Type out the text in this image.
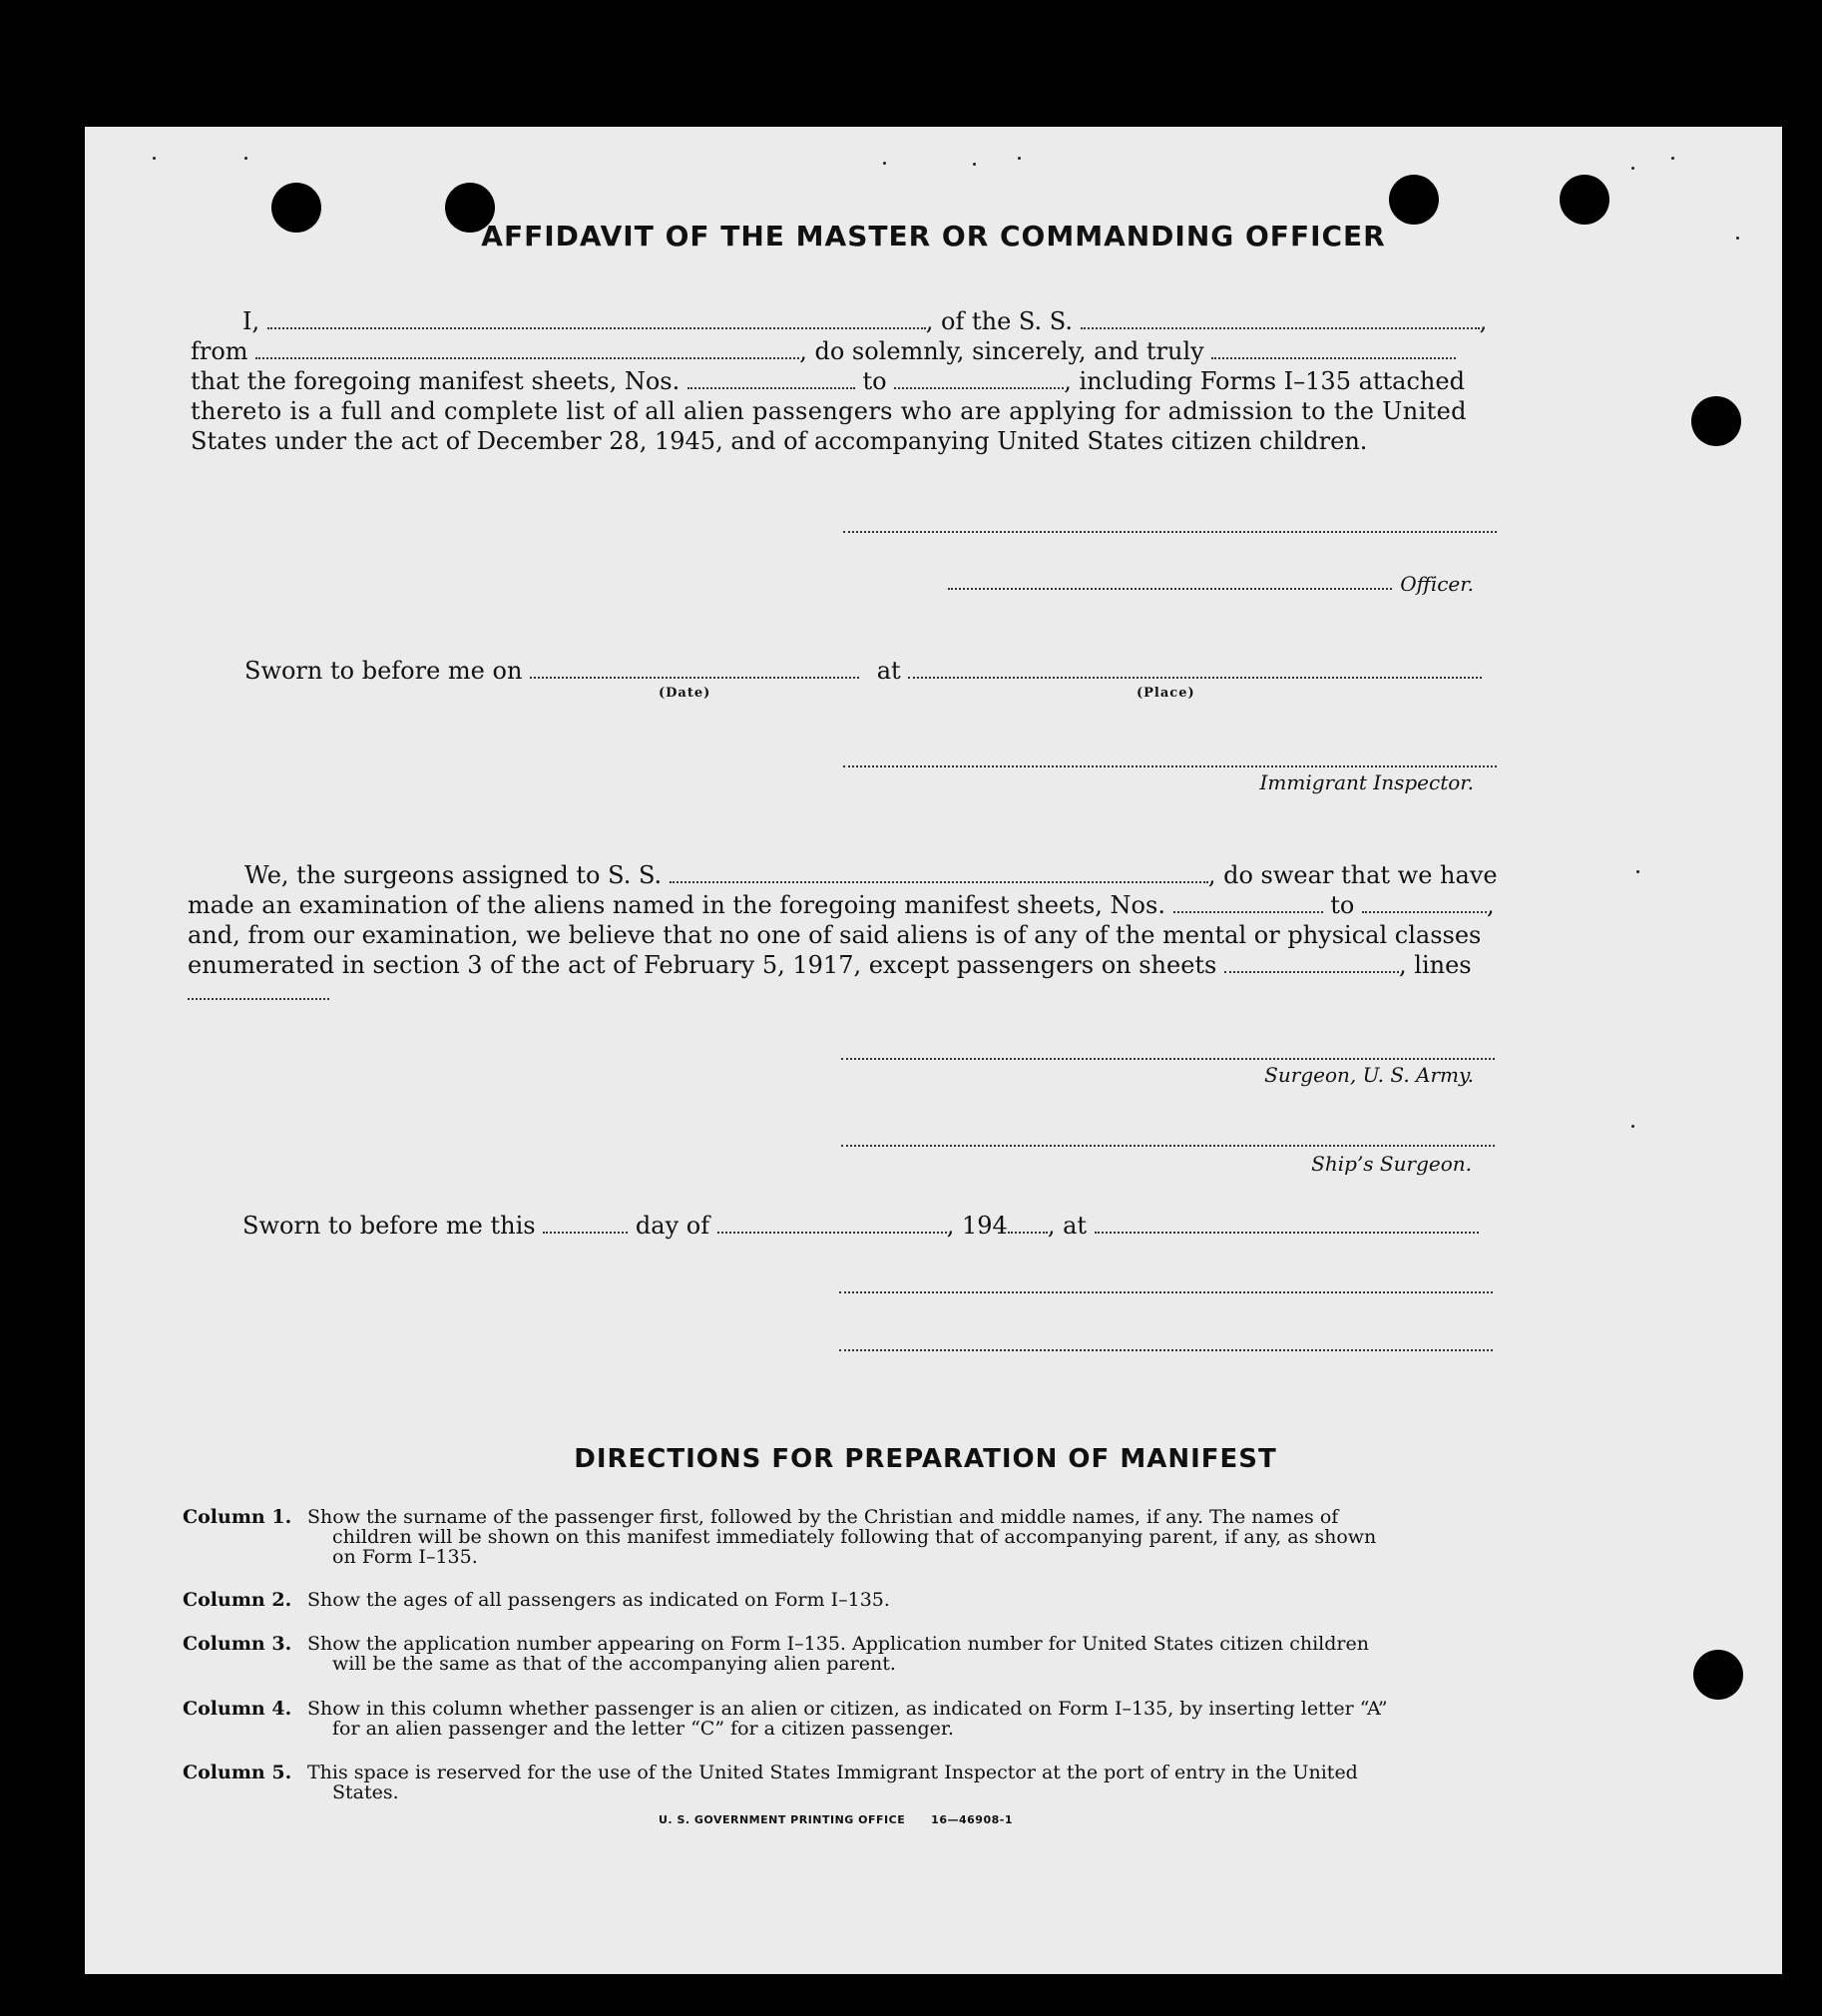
AFFIDAVIT OF THE MASTER OR COMMANDING OFFICER
I,	, of the S. S.	,
from	, do solemnly, sincerely, and truly
that the foregoing manifest sheets, Nos.	to	, including Forms I–135 attached
thereto is a full and complete list of all alien passengers who are applying for admission to the United
States under the act of December 28, 1945, and of accompanying United States citizen children.
Officer.
Sworn to before me on	at
(Date)	(Place)
Immigrant Inspector.
We, the surgeons assigned to S. S.	, do swear that we have
made an examination of the aliens named in the foregoing manifest sheets, Nos.	to	,
and, from our examination, we believe that no one of said aliens is of any of the mental or physical classes
enumerated in section 3 of the act of February 5, 1917, except passengers on sheets	, lines
Surgeon, U. S. Army.
Ship’s Surgeon.
Sworn to before me this	day of	, 194 , at
DIRECTIONS FOR PREPARATION OF MANIFEST
Column 1. Show the surname of the passenger first, followed by the Christian and middle names, if any. The names of
children will be shown on this manifest immediately following that of accompanying parent, if any, as shown
on Form I–135.
Column 2. Show the ages of all passengers as indicated on Form I–135.
Column 3. Show the application number appearing on Form I–135. Application number for United States citizen children
will be the same as that of the accompanying alien parent.
Column 4. Show in this column whether passenger is an alien or citizen, as indicated on Form I–135, by inserting letter “A”
for an alien passenger and the letter “C” for a citizen passenger.
Column 5. This space is reserved for the use of the United States Immigrant Inspector at the port of entry in the United
States.
U. S. GOVERNMENT PRINTING OFFICE      16—46908-1
